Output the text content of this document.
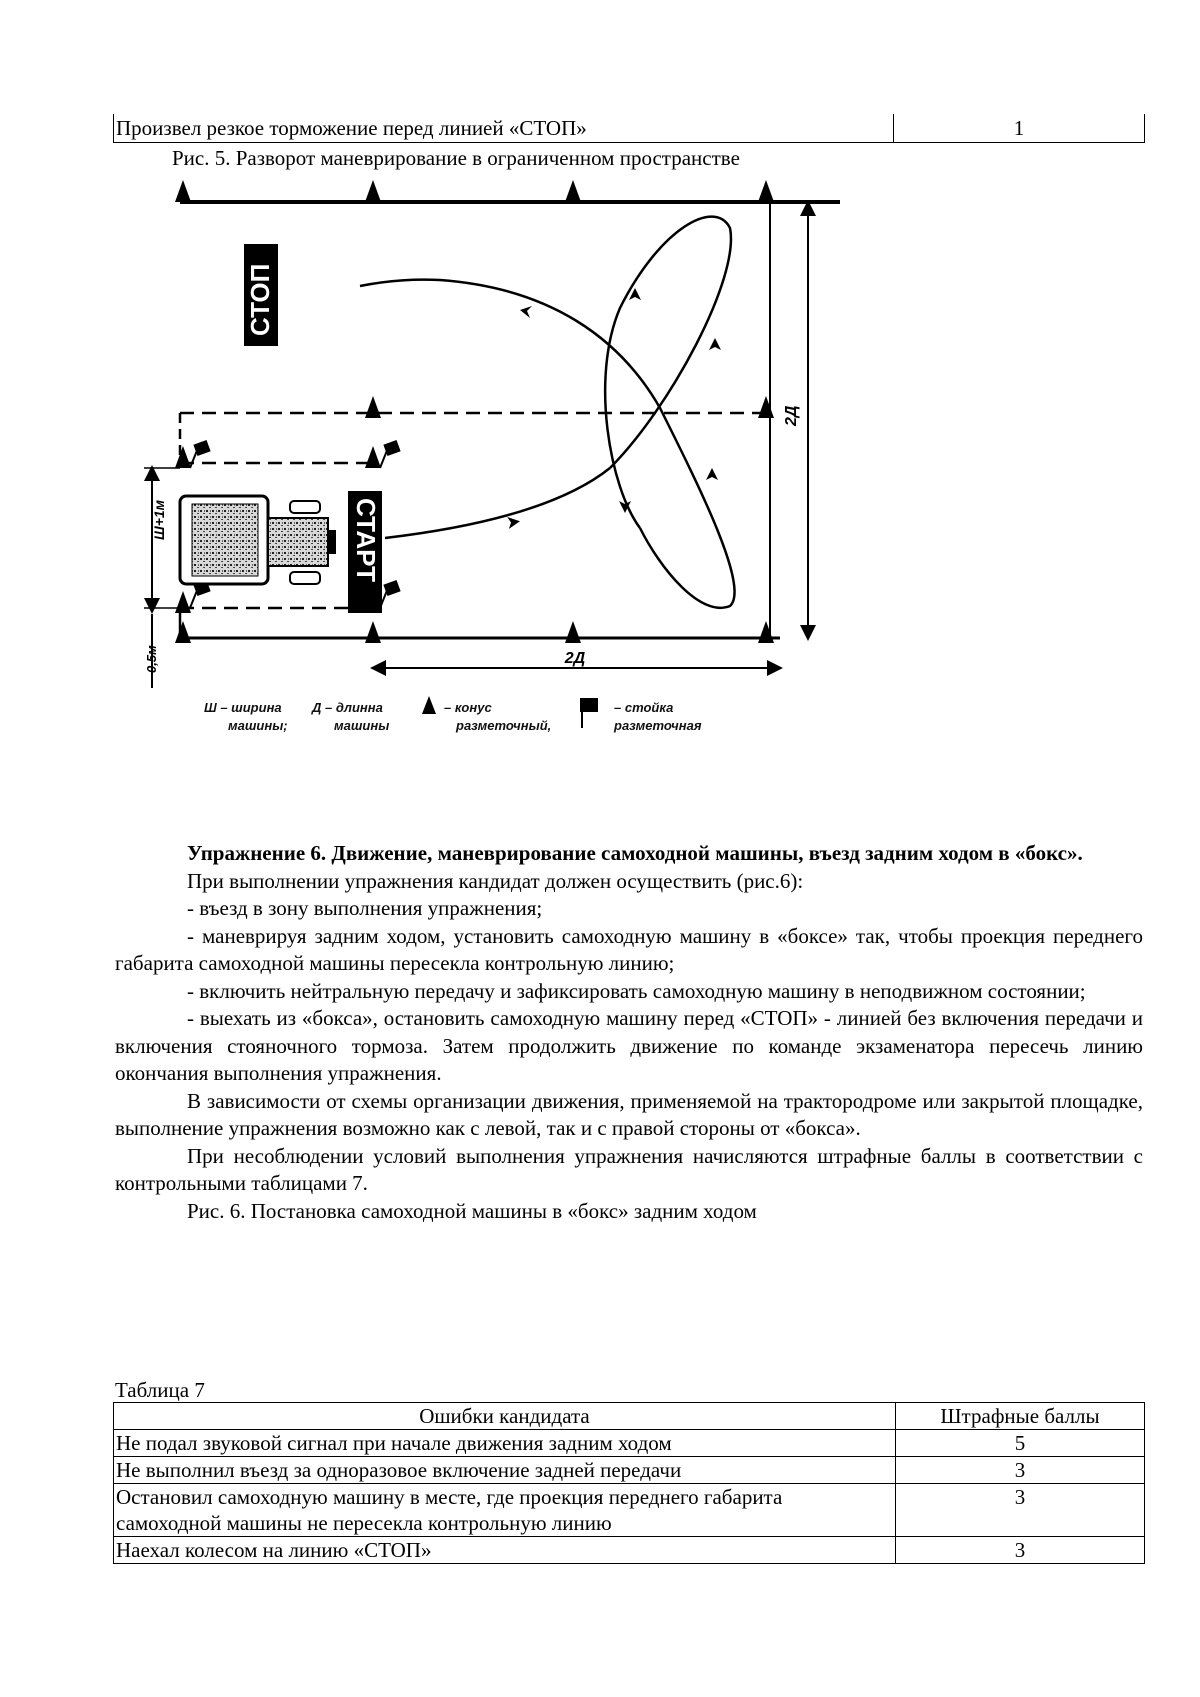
Произвел резкое торможение перед линией «СТОП»	1
Рис. 5. Разворот маневрирование в ограниченном пространстве
СТОП
СТАРТ
2Д
2Д
Ш+1м
0,5м
Ш – ширина
машины;
Д – длинна
машины
– конус
разметочный,
– стойка
разметочная

Упражнение 6. Движение, маневрирование самоходной машины, въезд задним ходом в «бокс».

При выполнении упражнения кандидат должен осуществить (рис.6):

- въезд в зону выполнения упражнения;

- маневрируя задним ходом, установить самоходную машину в «боксе» так, чтобы проекция переднего габарита самоходной машины пересекла контрольную линию;

- включить нейтральную передачу и зафиксировать самоходную машину в неподвижном состоянии;

- выехать из «бокса», остановить самоходную машину перед «СТОП» - линией без включения передачи и включения стояночного тормоза. Затем продолжить движение по команде экзаменатора пересечь линию окончания выполнения упражнения.

В зависимости от схемы организации движения, применяемой на трактородроме или закрытой площадке, выполнение упражнения возможно как с левой, так и с правой стороны от «бокса».

При несоблюдении условий выполнения упражнения начисляются штрафные баллы в соответствии с контрольными таблицами 7.

Рис. 6. Постановка самоходной машины в «бокс» задним ходом

Таблица 7
Ошибки кандидата	Штрафные баллы
Не подал звуковой сигнал при начале движения задним ходом	5
Не выполнил въезд за одноразовое включение задней передачи	3
Остановил самоходную машину в месте, где проекция переднего габарита самоходной машины не пересекла контрольную линию	3
Наехал колесом на линию «СТОП»	3
